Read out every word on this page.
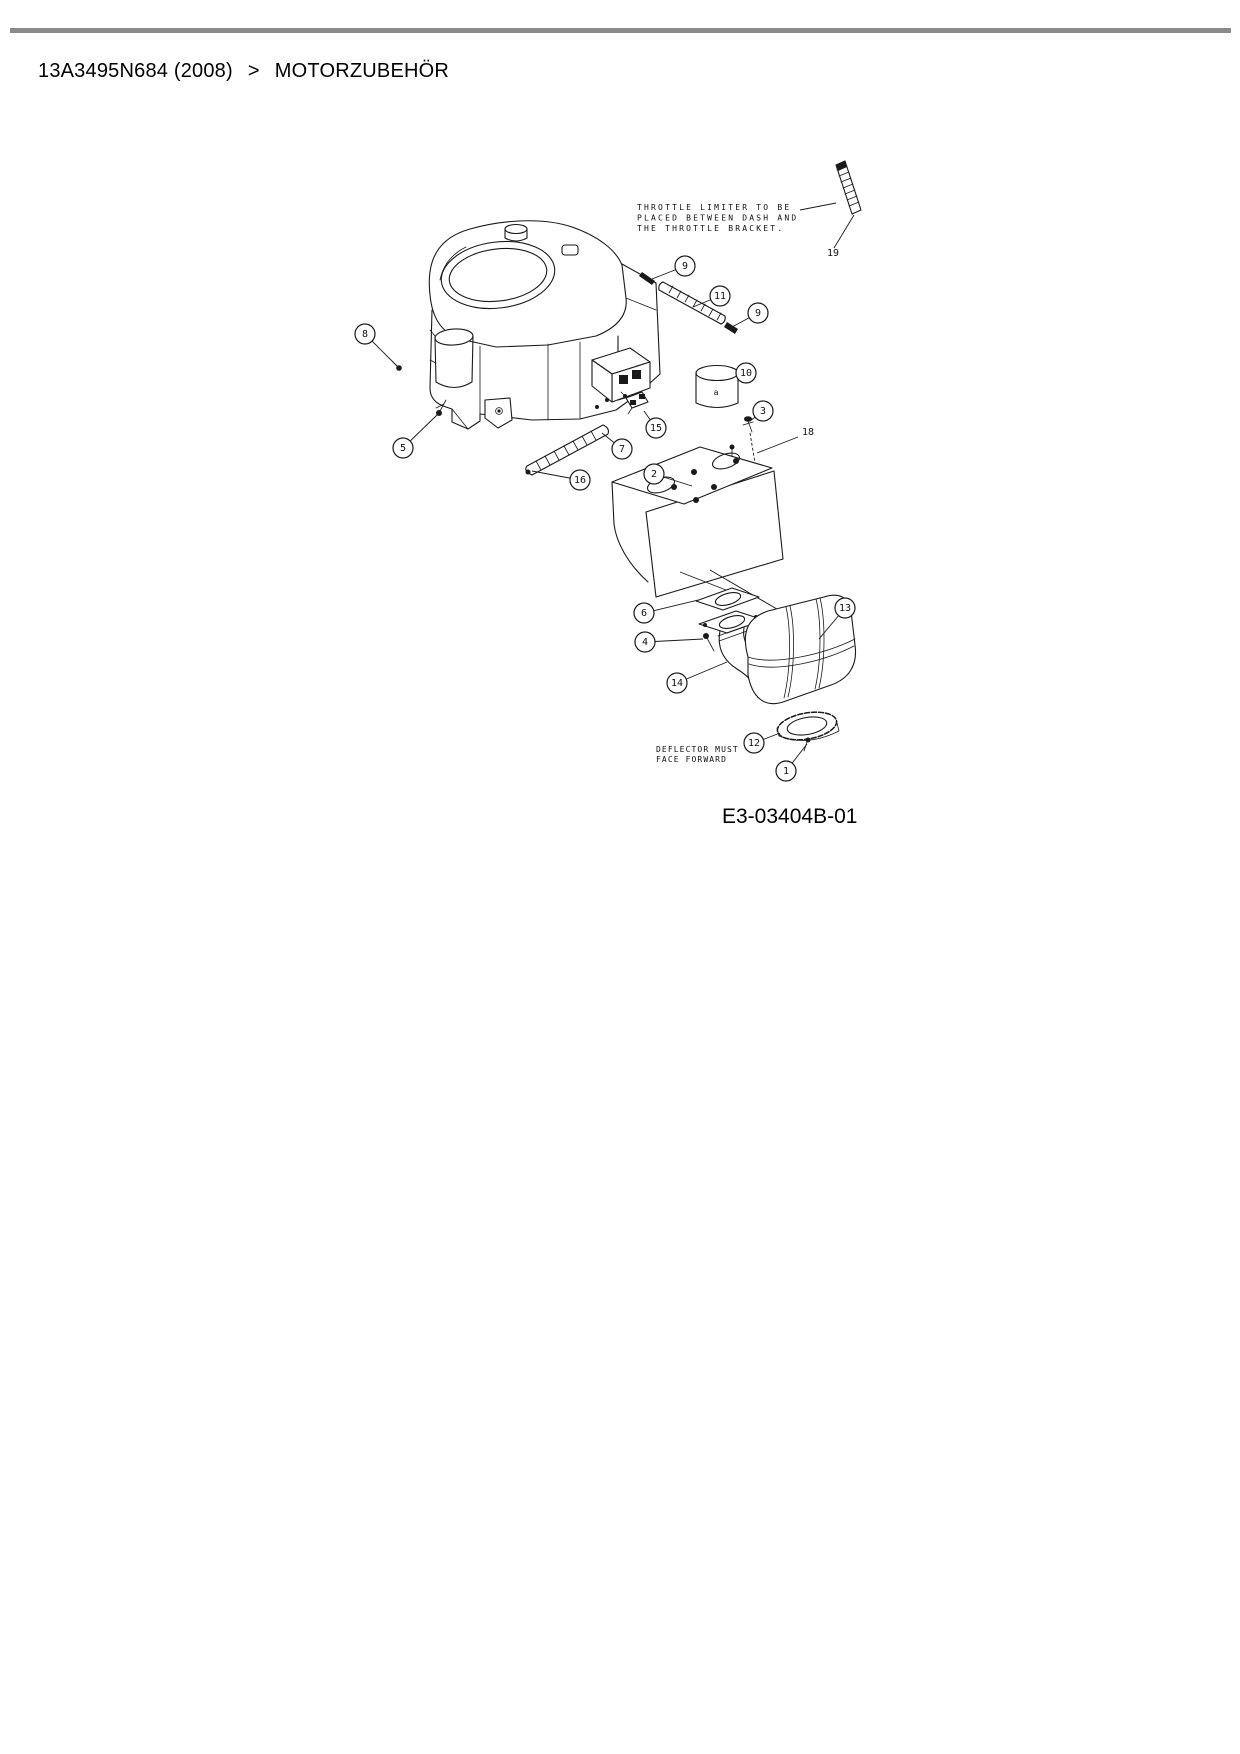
13A3495N684 (2008) > MOTORZUBEHÖR
THROTTLE LIMITER TO BE
PLACED BETWEEN DASH AND
THE THROTTLE BRACKET.
DEFLECTOR MUST
FACE FORWARD
19
18
a
8
5
9
11
9
10
3
15
7
16
2
6
4
14
13
12
1
E3-03404B-01
